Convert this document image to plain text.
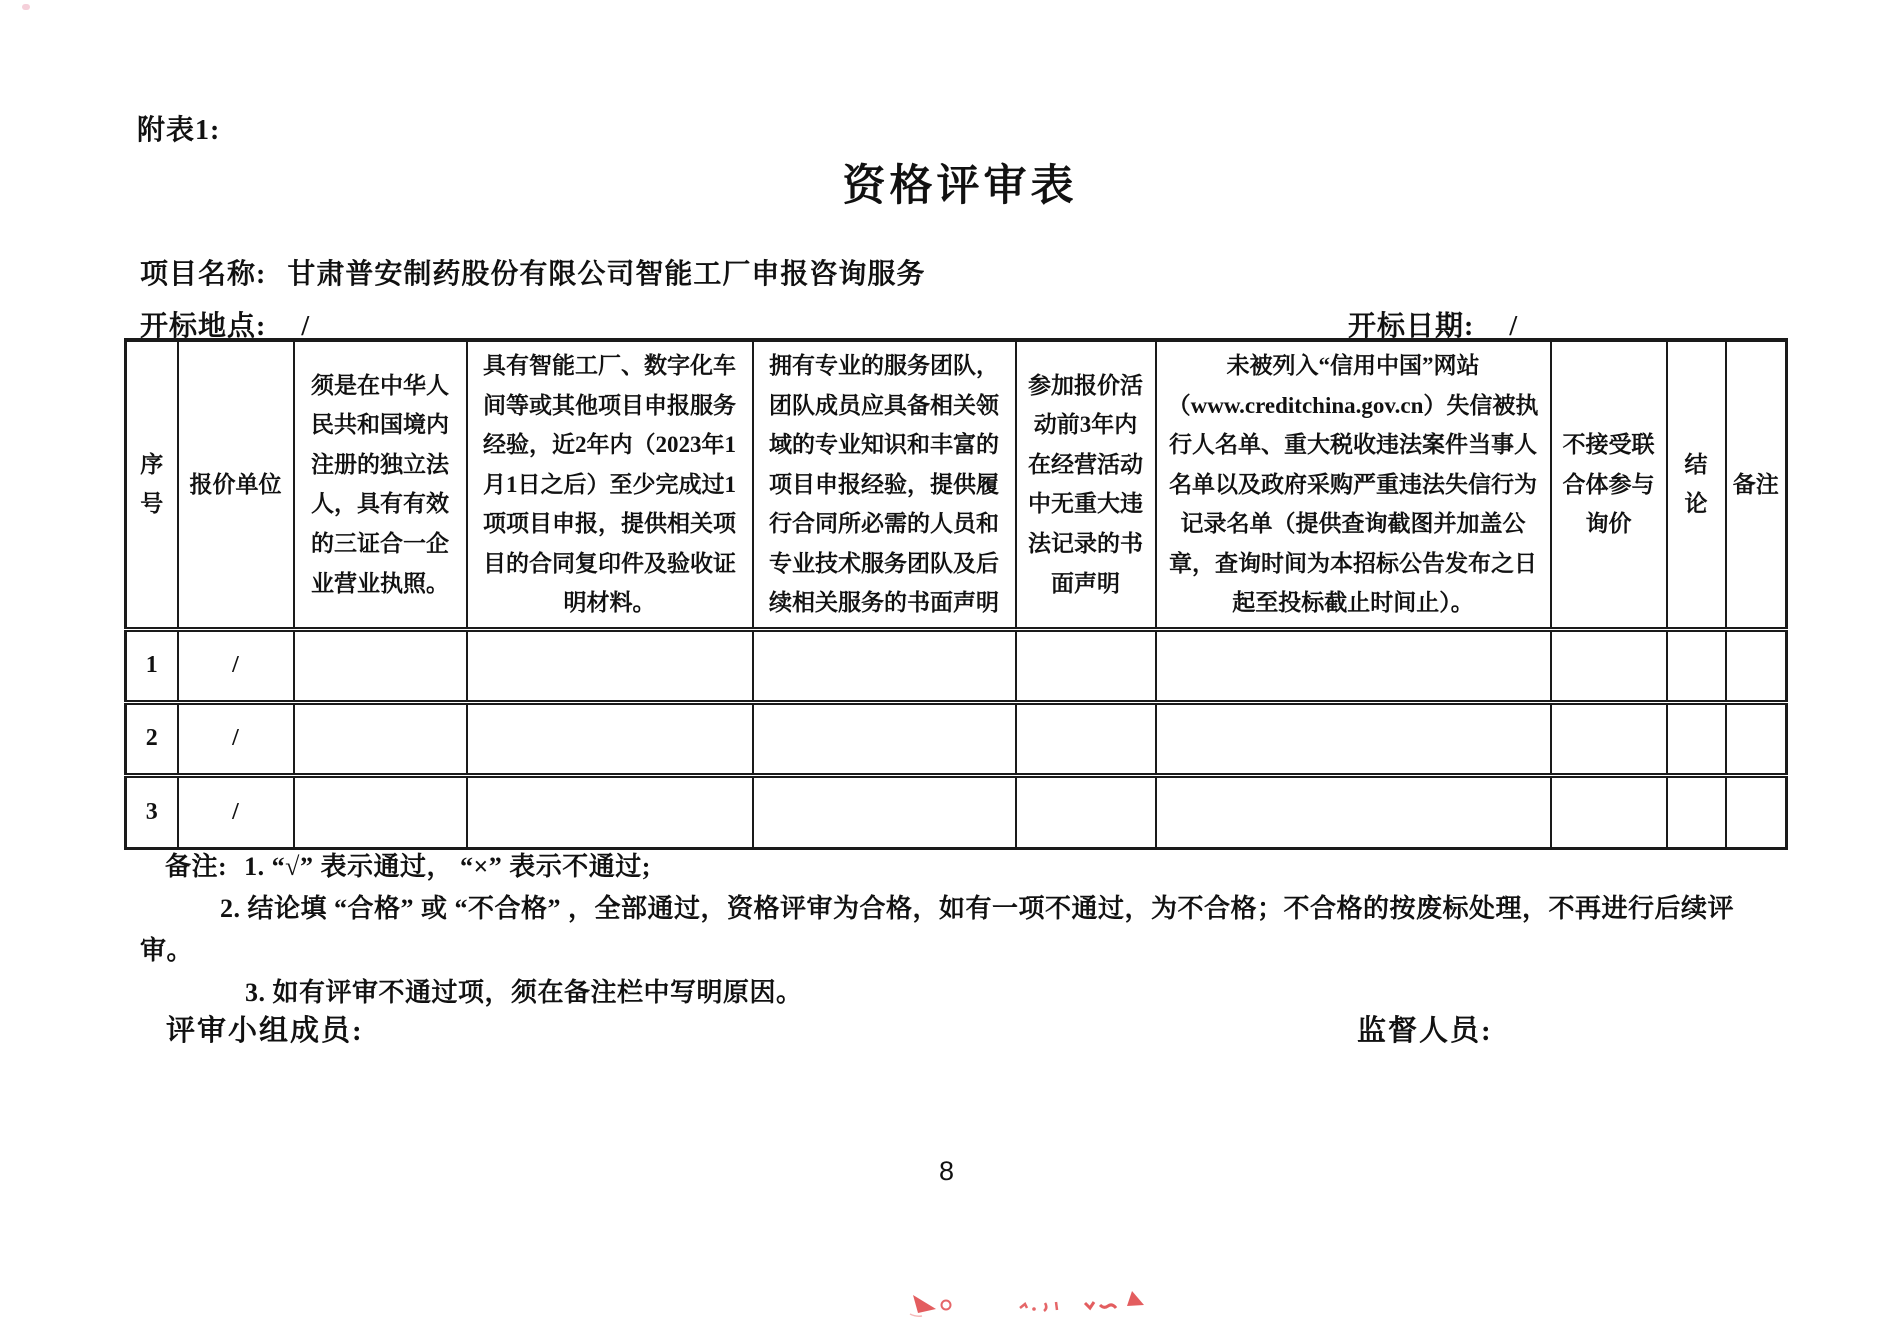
附表1:
资格评审表
项目名称: 甘肃普安制药股份有限公司智能工厂申报咨询服务
开标地点: /	开标日期: /
序号	报价单位	须是在中华人民共和国境内注册的独立法人，具有有效的三证合一企业营业执照。	具有智能工厂、数字化车间等或其他项目申报服务经验，近2年内（2023年1月1日之后）至少完成过1项项目申报，提供相关项目的合同复印件及验收证明材料。	拥有专业的服务团队，团队成员应具备相关领域的专业知识和丰富的项目申报经验，提供履行合同所必需的人员和专业技术服务团队及后续相关服务的书面声明	参加报价活动前3年内在经营活动中无重大违法记录的书面声明	未被列入“信用中国”网站（www.creditchina.gov.cn）失信被执行人名单、重大税收违法案件当事人名单以及政府采购严重违法失信行为记录名单（提供查询截图并加盖公章，查询时间为本招标公告发布之日起至投标截止时间止）。	不接受联合体参与询价	结论	备注
1	/								
2	/								
3	/								
备注: 1. “√” 表示通过， “×” 表示不通过;
2. 结论填 “合格” 或 “不合格” ，全部通过，资格评审为合格，如有一项不通过，为不合格；不合格的按废标处理，不再进行后续评审。
3. 如有评审不通过项，须在备注栏中写明原因。
评审小组成员:	监督人员:
8
